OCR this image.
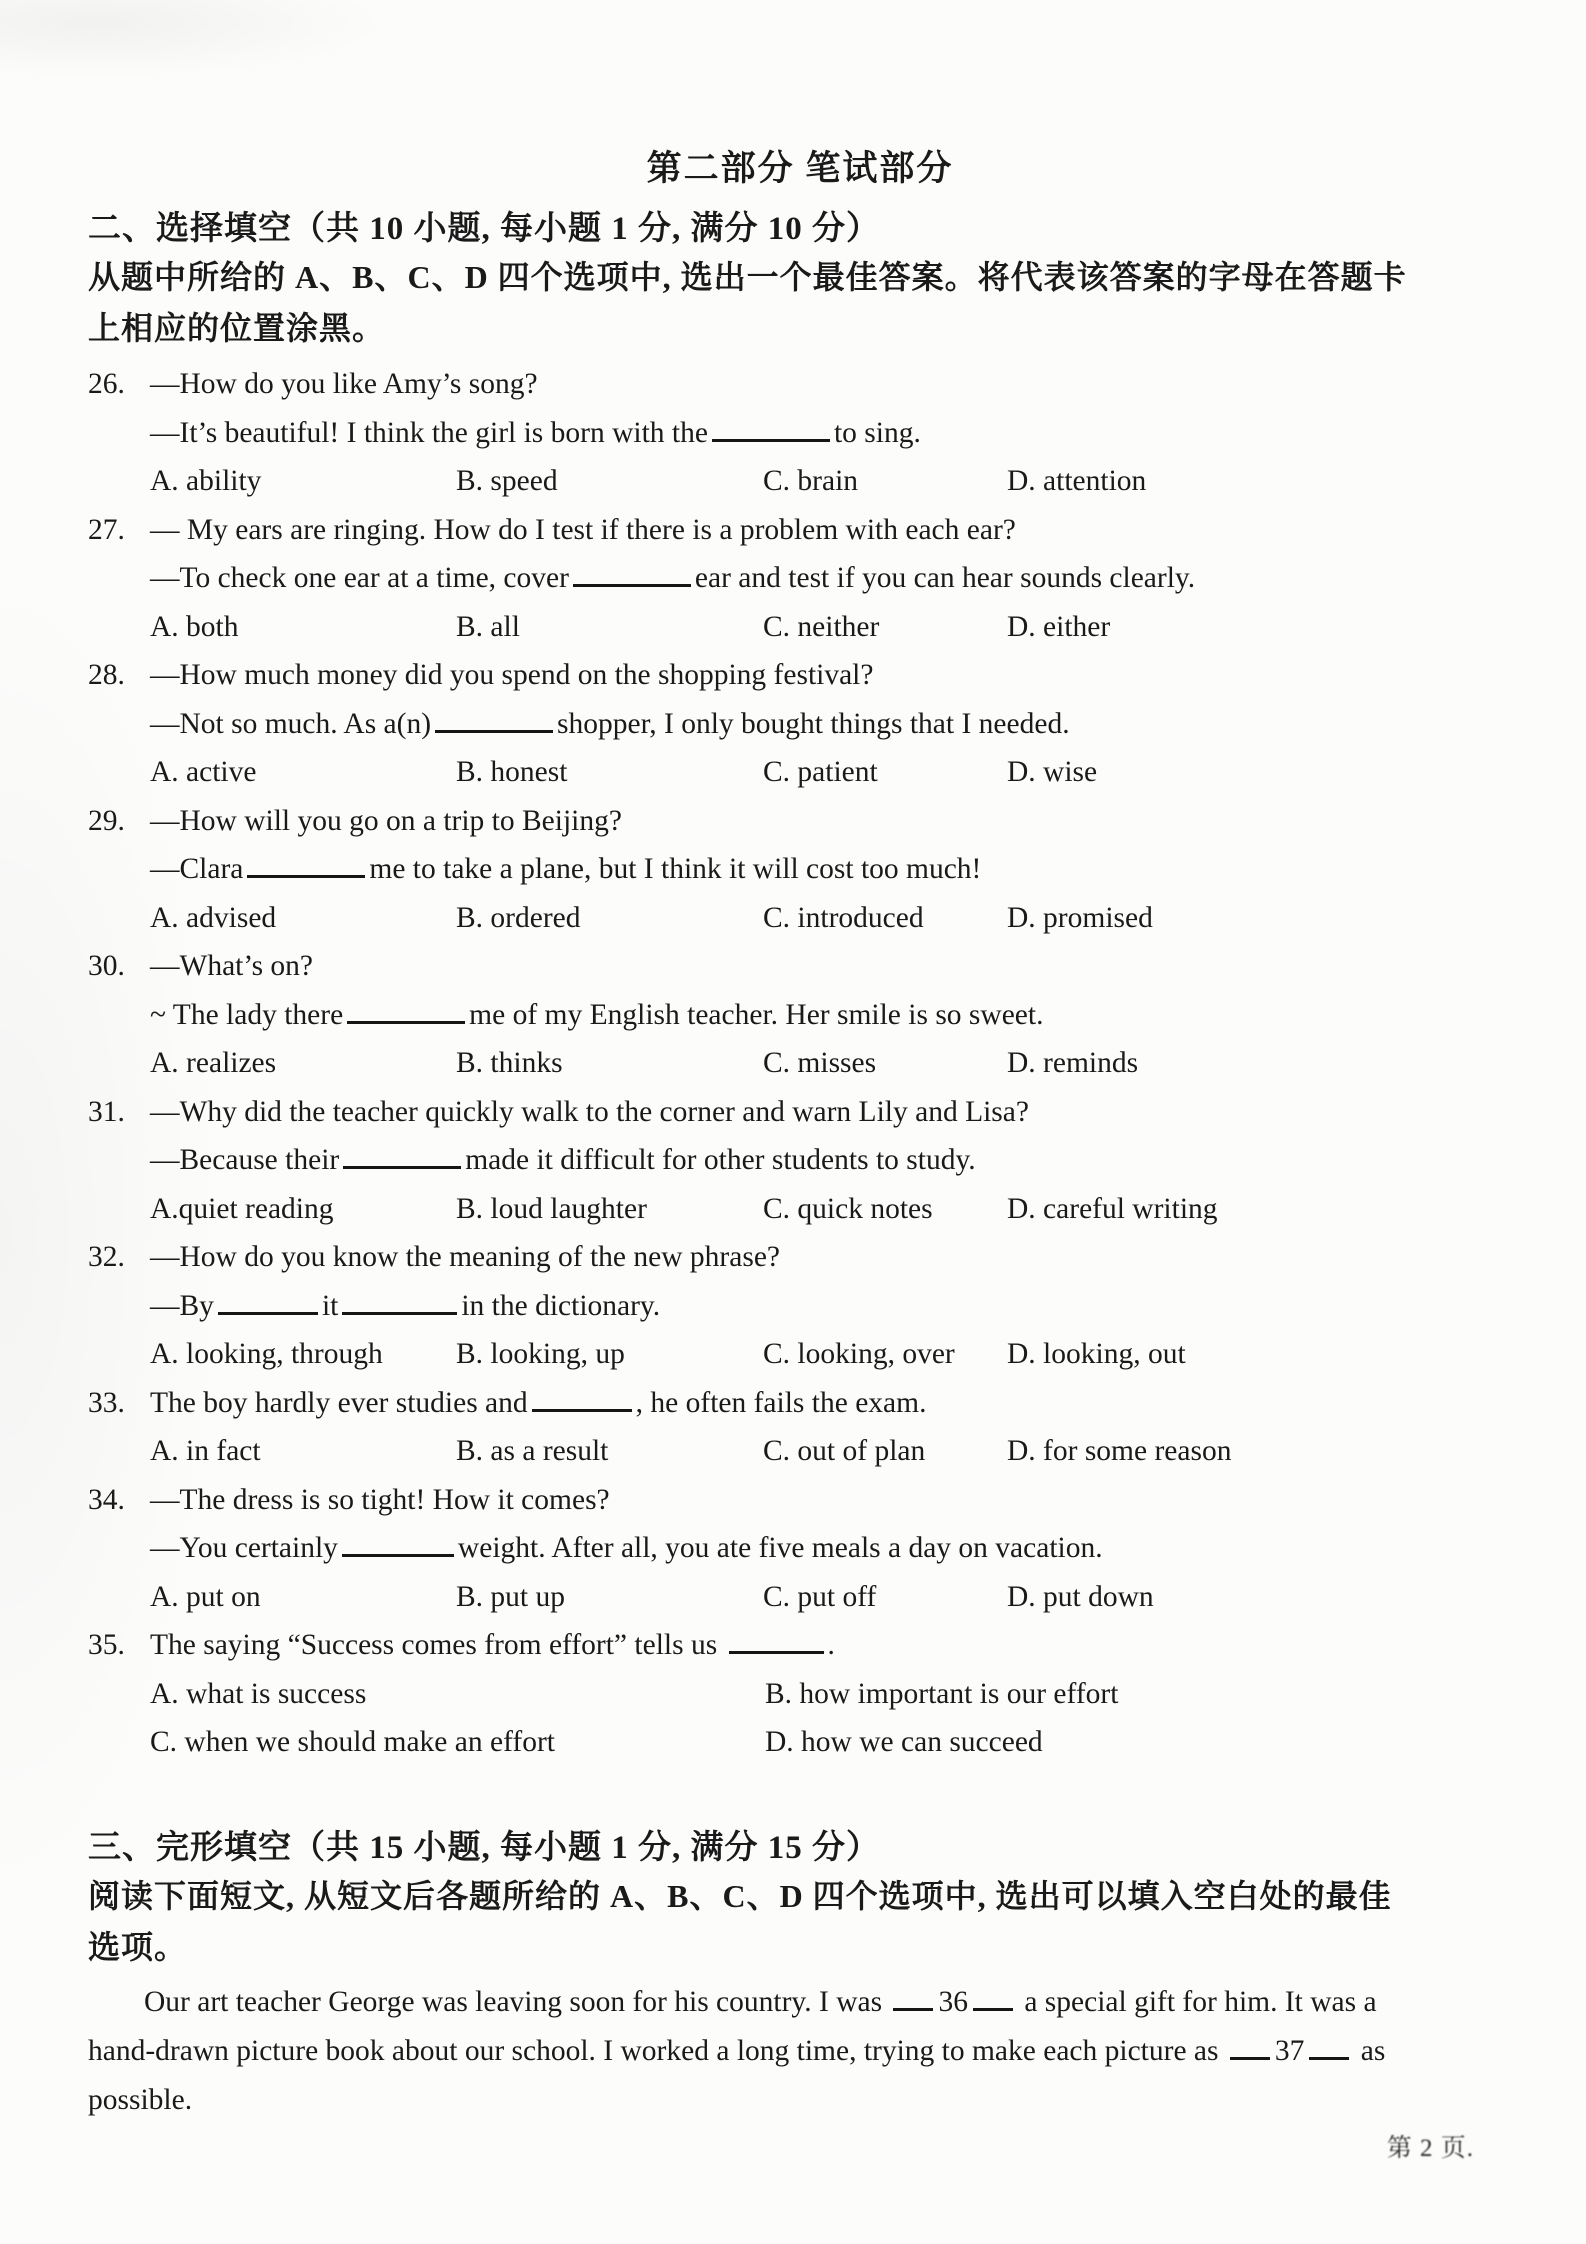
第二部分 笔试部分
二、选择填空（共 10 小题, 每小题 1 分, 满分 10 分）
从题中所给的 A、B、C、D 四个选项中, 选出一个最佳答案。将代表该答案的字母在答题卡
上相应的位置涂黑。
26. —How do you like Amy’s song?
—It’s beautiful! I think the girl is born with the	to sing.
A. ability	B. speed	C. brain	D. attention
27. — My ears are ringing. How do I test if there is a problem with each ear?
—To check one ear at a time, cover	ear and test if you can hear sounds clearly.
A. both	B. all	C. neither	D. either
28. —How much money did you spend on the shopping festival?
—Not so much. As a(n)	shopper, I only bought things that I needed.
A. active	B. honest	C. patient	D. wise
29. —How will you go on a trip to Beijing?
—Clara	me to take a plane, but I think it will cost too much!
A. advised	B. ordered	C. introduced	D. promised
30. —What’s on?
~ The lady there	me of my English teacher. Her smile is so sweet.
A. realizes	B. thinks	C. misses	D. reminds
31. —Why did the teacher quickly walk to the corner and warn Lily and Lisa?
—Because their	made it difficult for other students to study.
A.quiet reading	B. loud laughter	C. quick notes	D. careful writing
32. —How do you know the meaning of the new phrase?
—By	it	in the dictionary.
A. looking, through	B. looking, up	C. looking, over	D. looking, out
33. The boy hardly ever studies and	, he often fails the exam.
A. in fact	B. as a result	C. out of plan	D. for some reason
34. —The dress is so tight! How it comes?
—You certainly	weight. After all, you ate five meals a day on vacation.
A. put on	B. put up	C. put off	D. put down
35. The saying “Success comes from effort” tells us	.
A. what is success	B. how important is our effort
C. when we should make an effort	D. how we can succeed
三、完形填空（共 15 小题, 每小题 1 分, 满分 15 分）
阅读下面短文, 从短文后各题所给的 A、B、C、D 四个选项中, 选出可以填入空白处的最佳
选项。
Our art teacher George was leaving soon for his country. I was 36 a special gift for him. It was a
hand-drawn picture book about our school. I worked a long time, trying to make each picture as 37 as
possible.
第 2 页.
